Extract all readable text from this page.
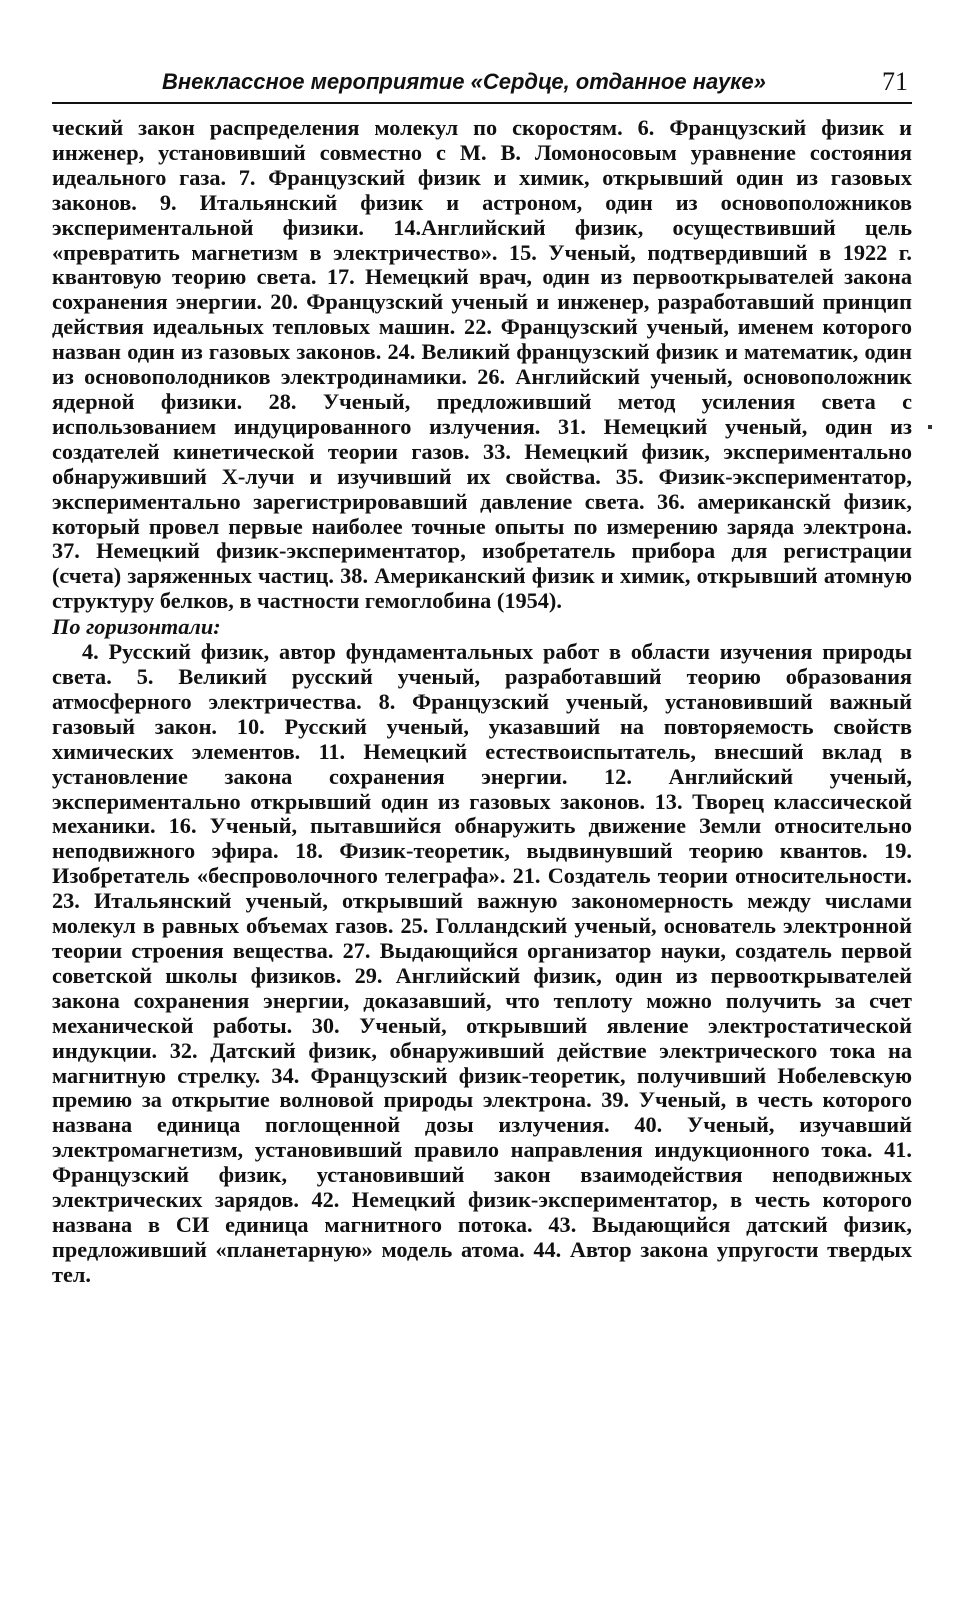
Внеклассное мероприятие «Сердце, отданное науке»	71

ческий закон распределения молекул по скоростям. 6. Французский физик и инженер, установивший совместно с М. В. Ломоносовым уравнение состояния идеального газа. 7. Французский физик и химик, открывший один из газовых законов. 9. Итальянский физик и астроном, один из основоположников экспериментальной физики. 14.Английский физик, осуществивший цель «превратить магнетизм в электричество». 15. Ученый, подтвердивший в 1922 г. квантовую теорию света. 17. Немецкий врач, один из первооткрывателей закона сохранения энергии. 20. Французский ученый и инженер, разработавший принцип действия идеальных тепловых машин. 22. Французский ученый, именем которого назван один из газовых законов. 24. Великий французский физик и математик, один из основополодников электродинамики. 26. Английский ученый, основоположник ядерной физики. 28. Ученый, предложивший метод усиления света с использованием индуцированного излучения. 31. Немецкий ученый, один из создателей кинетической теории газов. 33. Немецкий физик, экспериментально обнаруживший Х-лучи и изучивший их свойства. 35. Физик-экспериментатор, экспериментально зарегистрировавший давление света. 36. американскй физик, который провел первые наиболее точные опыты по измерению заряда электрона. 37. Немецкий физик-экспериментатор, изобретатель прибора для регистрации (счета) заряженных частиц. 38. Американский физик и химик, открывший атомную структуру белков, в частности гемоглобина (1954).

По горизонтали:

4. Русский физик, автор фундаментальных работ в области изучения природы света. 5. Великий русский ученый, разработавший теорию образования атмосферного электричества. 8. Французский ученый, установивший важный газовый закон. 10. Русский ученый, указавший на повторяемость свойств химических элементов. 11. Немецкий естествоиспытатель, внесший вклад в установление закона сохранения энергии. 12. Английский ученый, экспериментально открывший один из газовых законов. 13. Творец классической механики. 16. Ученый, пытавшийся обнаружить движение Земли относительно неподвижного эфира. 18. Физик-теоретик, выдвинувший теорию квантов. 19. Изобретатель «беспроволочного телеграфа». 21. Создатель теории относительности. 23. Итальянский ученый, открывший важную закономерность между числами молекул в равных объемах газов. 25. Голландский ученый, основатель электронной теории строения вещества. 27. Выдающийся организатор науки, создатель первой советской школы физиков. 29. Английский физик, один из первооткрывателей закона сохранения энергии, доказавший, что теплоту можно получить за счет механической работы. 30. Ученый, открывший явление электростатической индукции. 32. Датский физик, обнаруживший действие электрического тока на магнитную стрелку. 34. Французский физик-теоретик, получивший Нобелевскую премию за открытие волновой природы электрона. 39. Ученый, в честь которого названа единица поглощенной дозы излучения. 40. Ученый, изучавший электромагнетизм, установивший правило направления индукционного тока. 41. Французский физик, установивший закон взаимодействия неподвижных электрических зарядов. 42. Немецкий физик-экспериментатор, в честь которого названа в СИ единица магнитного потока. 43. Выдающийся датский физик, предложивший «планетарную» модель атома. 44. Автор закона упругости твердых тел.
